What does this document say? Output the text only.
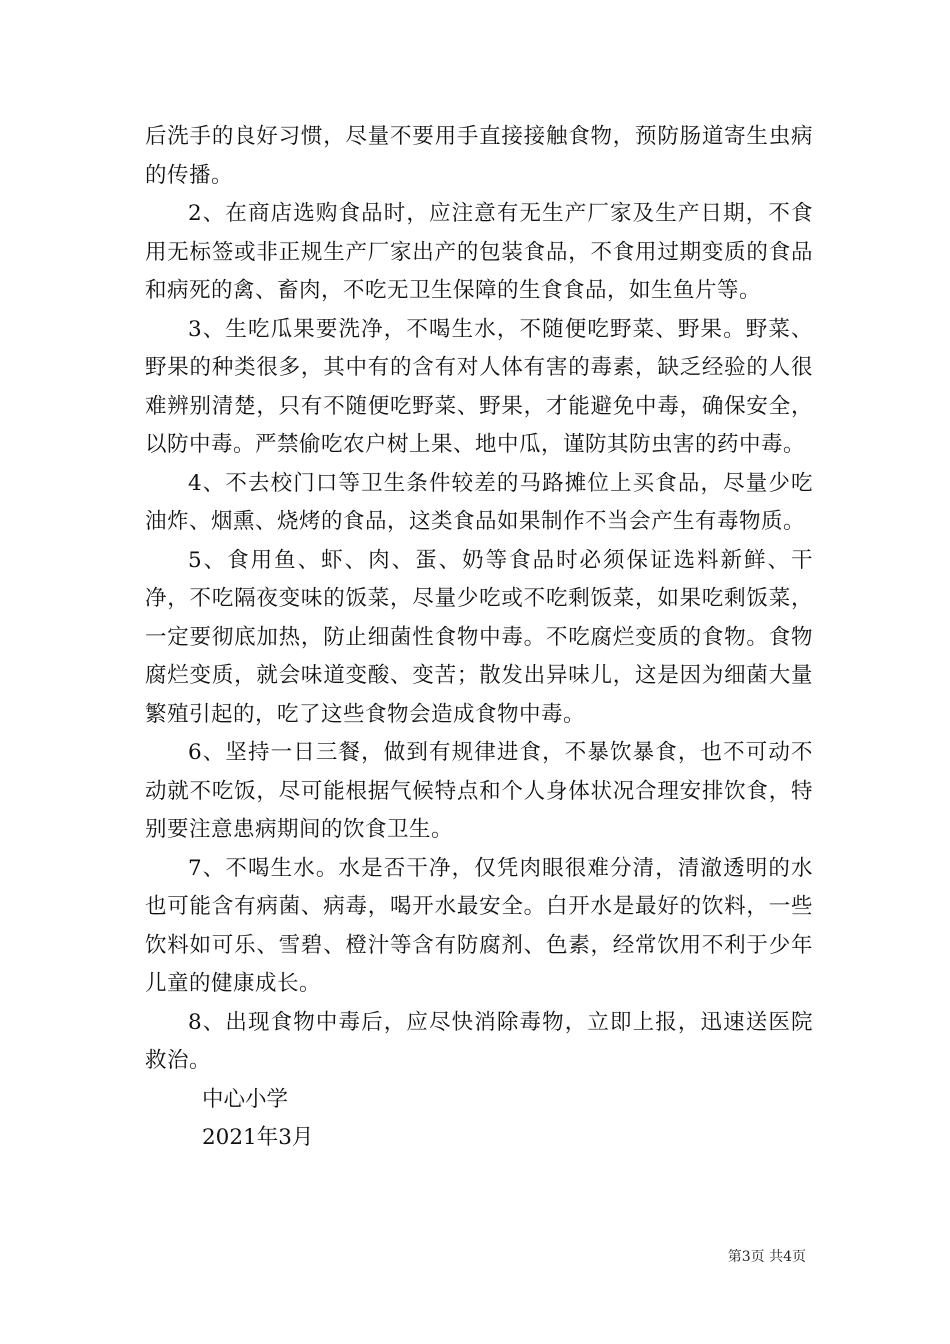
后洗手的良好习惯，尽量不要用手直接接触食物，预防肠道寄生虫病的传播。

2、在商店选购食品时，应注意有无生产厂家及生产日期，不食用无标签或非正规生产厂家出产的包装食品，不食用过期变质的食品和病死的禽、畜肉，不吃无卫生保障的生食食品，如生鱼片等。

3、生吃瓜果要洗净，不喝生水，不随便吃野菜、野果。野菜、野果的种类很多，其中有的含有对人体有害的毒素，缺乏经验的人很难辨别清楚，只有不随便吃野菜、野果，才能避免中毒，确保安全，以防中毒。严禁偷吃农户树上果、地中瓜，谨防其防虫害的药中毒。

4、不去校门口等卫生条件较差的马路摊位上买食品，尽量少吃油炸、烟熏、烧烤的食品，这类食品如果制作不当会产生有毒物质。

5、食用鱼、虾、肉、蛋、奶等食品时必须保证选料新鲜、干净，不吃隔夜变味的饭菜，尽量少吃或不吃剩饭菜，如果吃剩饭菜，一定要彻底加热，防止细菌性食物中毒。不吃腐烂变质的食物。食物腐烂变质，就会味道变酸、变苦；散发出异味儿，这是因为细菌大量繁殖引起的，吃了这些食物会造成食物中毒。

6、坚持一日三餐，做到有规律进食，不暴饮暴食，也不可动不动就不吃饭，尽可能根据气候特点和个人身体状况合理安排饮食，特别要注意患病期间的饮食卫生。

7、不喝生水。水是否干净，仅凭肉眼很难分清，清澈透明的水也可能含有病菌、病毒，喝开水最安全。白开水是最好的饮料，一些饮料如可乐、雪碧、橙汁等含有防腐剂、色素，经常饮用不利于少年儿童的健康成长。

8、出现食物中毒后，应尽快消除毒物，立即上报，迅速送医院救治。

中心小学

2021年3月

第3页 共4页
